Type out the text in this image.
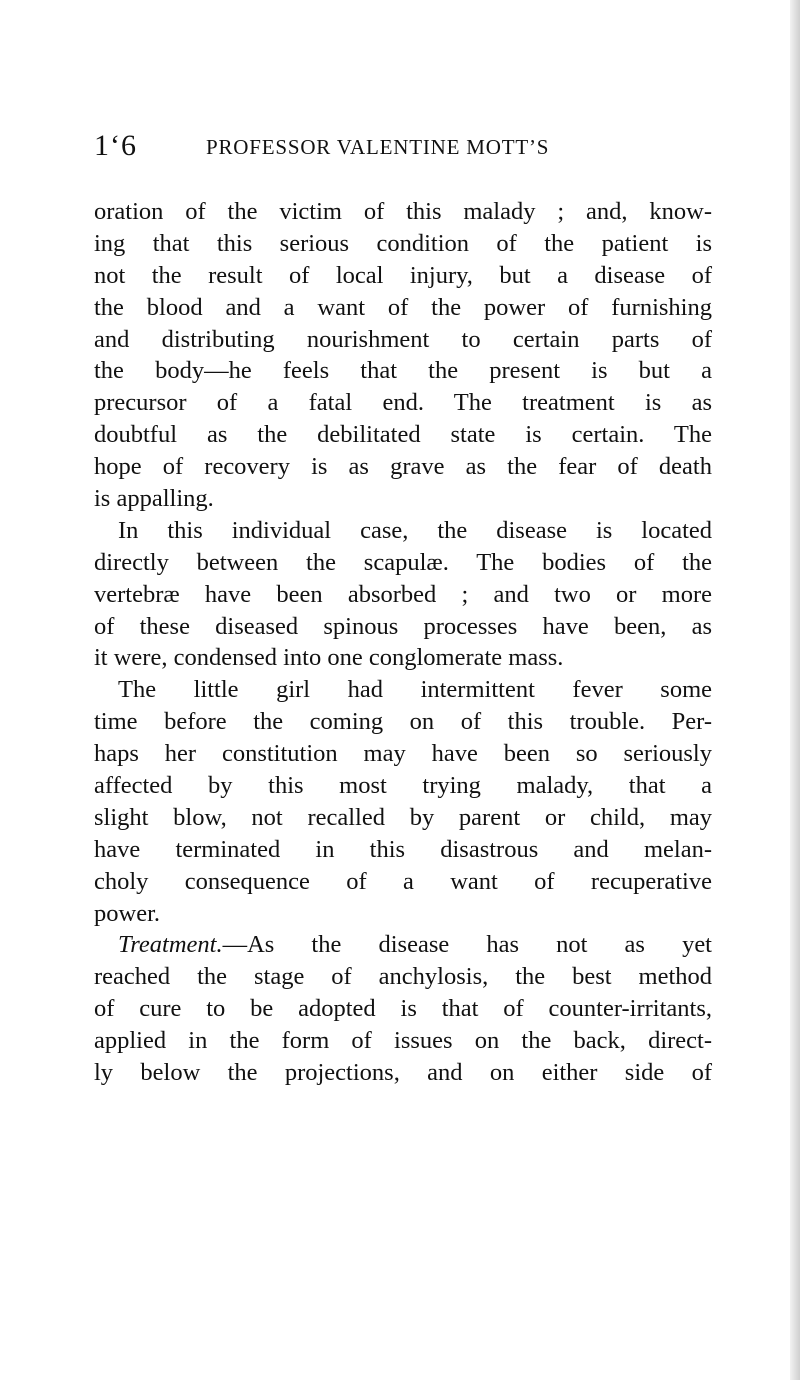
1‘6	PROFESSOR VALENTINE MOTT’S
oration of the victim of this malady ; and, know-
ing that this serious condition of the patient is
not the result of local injury, but a disease of
the blood and a want of the power of furnishing
and distributing nourishment to certain parts of
the body—he feels that the present is but a
precursor of a fatal end. The treatment is as
doubtful as the debilitated state is certain. The
hope of recovery is as grave as the fear of death
is appalling.
In this individual case, the disease is located
directly between the scapulæ. The bodies of the
vertebræ have been absorbed ; and two or more
of these diseased spinous processes have been, as
it were, condensed into one conglomerate mass.
The little girl had intermittent fever some
time before the coming on of this trouble. Per-
haps her constitution may have been so seriously
affected by this most trying malady, that a
slight blow, not recalled by parent or child, may
have terminated in this disastrous and melan-
choly consequence of a want of recuperative
power.
Treatment.—As the disease has not as yet
reached the stage of anchylosis, the best method
of cure to be adopted is that of counter-irritants,
applied in the form of issues on the back, direct-
ly below the projections, and on either side of
